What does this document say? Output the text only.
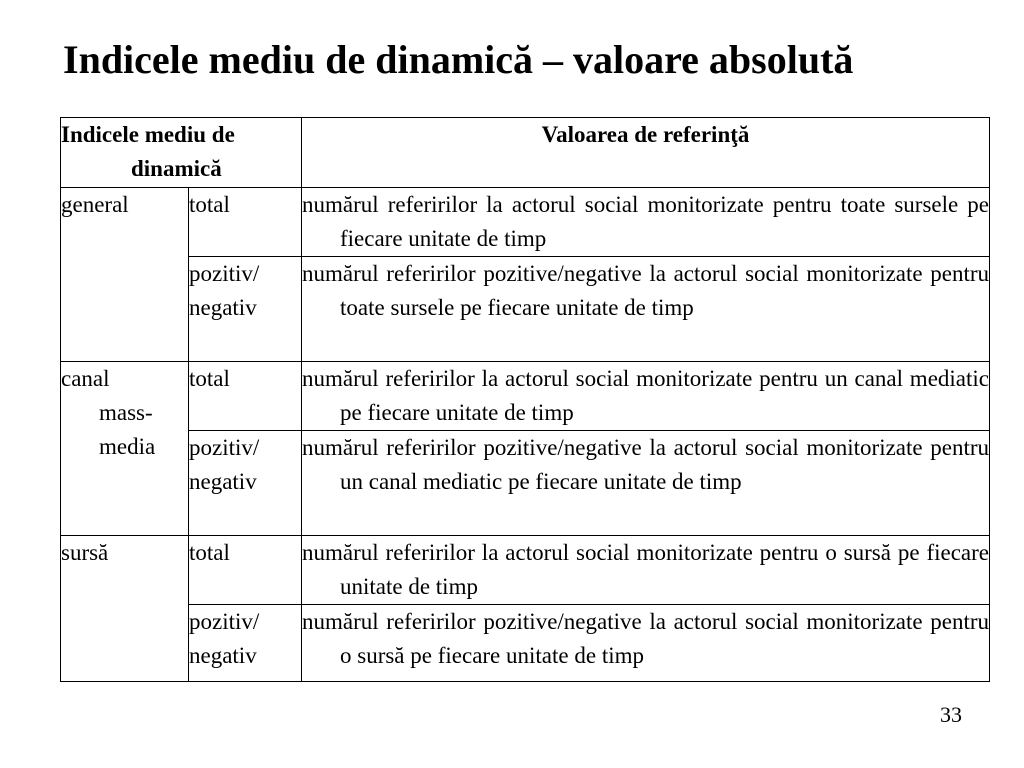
Indicele mediu de dinamică – valoare absolută
Indicele mediu de
dinamică		Valoarea de referinţă

general	total	numărul referirilor la actorul social monitorizate pentru toate sursele pe fiecare unitate de timp

	pozitiv/ negativ	numărul referirilor pozitive/negative la actorul social monitorizate pentru toate sursele pe fiecare unitate de timp

canal
mass-
media	total	numărul referirilor la actorul social monitorizate pentru un canal mediatic pe fiecare unitate de timp

	pozitiv/ negativ	numărul referirilor pozitive/negative la actorul social monitorizate pentru un canal mediatic pe fiecare unitate de timp

sursă	total	numărul referirilor la actorul social monitorizate pentru o sursă pe fiecare unitate de timp

	pozitiv/ negativ	numărul referirilor pozitive/negative la actorul social monitorizate pentru o sursă pe fiecare unitate de timp
33
